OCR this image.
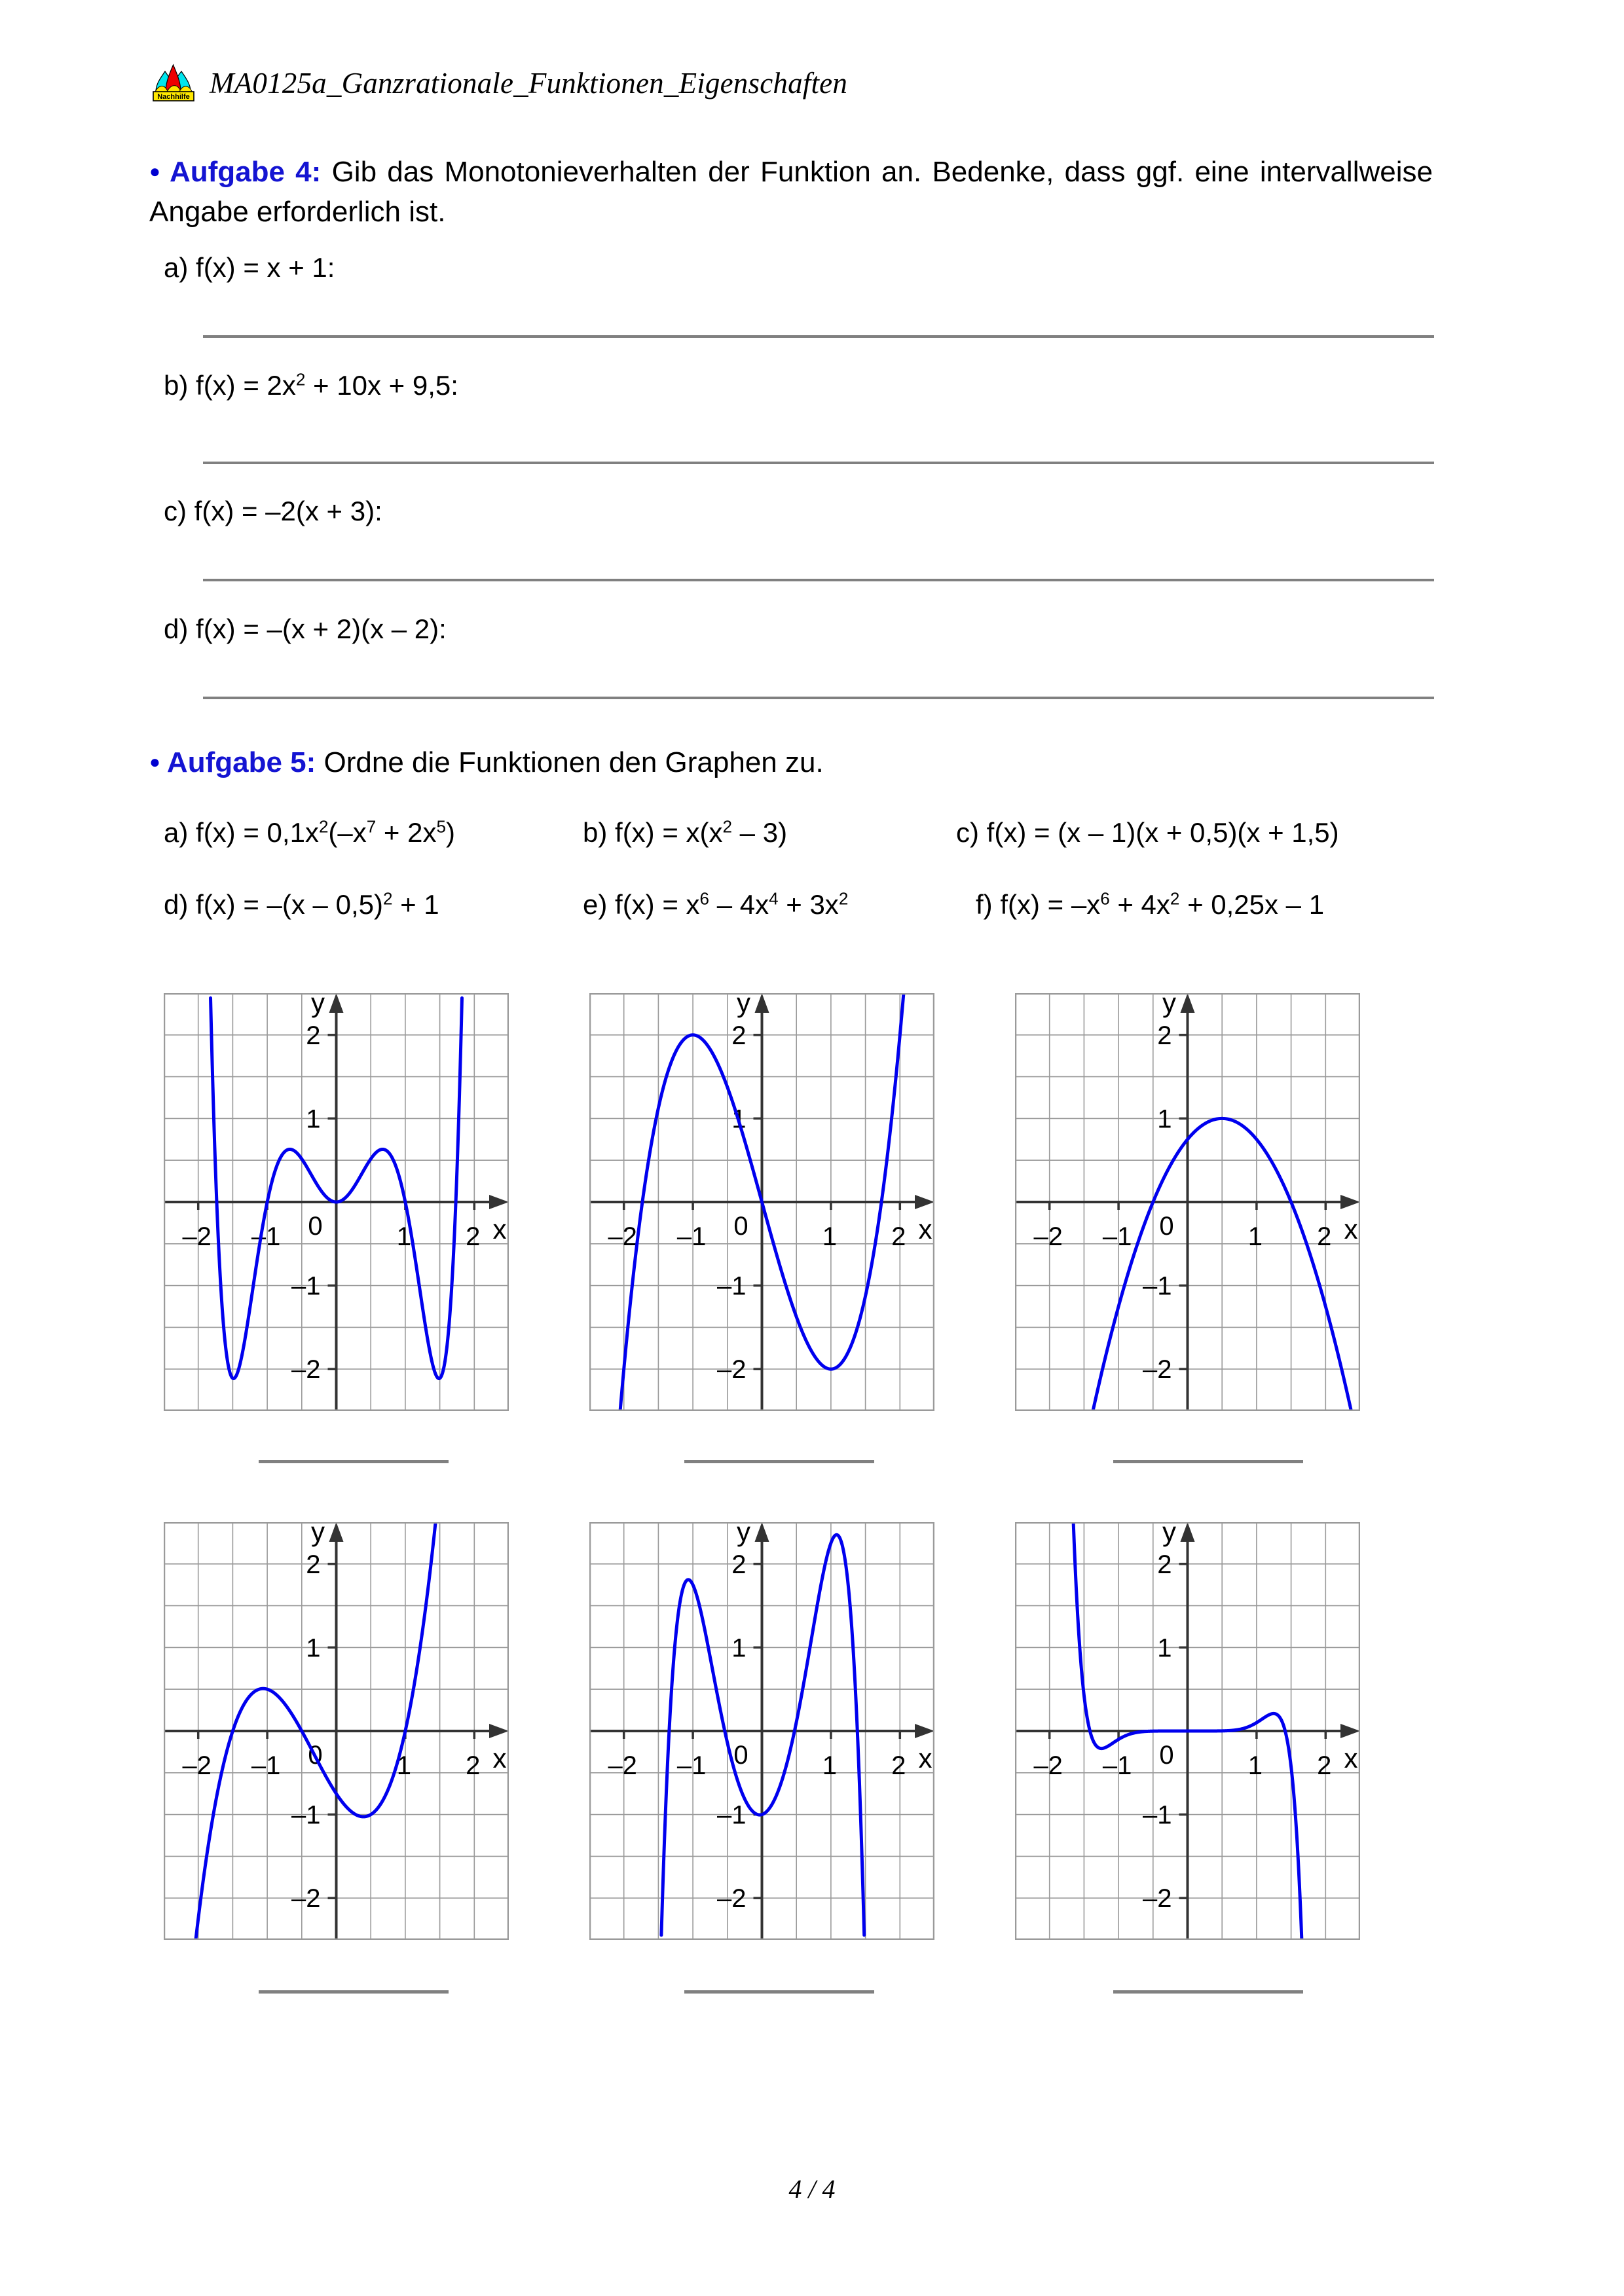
Nachhilfe MA0125a_Ganzrationale_Funktionen_Eigenschaften
● Aufgabe 4: Gib das Monotonieverhalten der Funktion an. Bedenke, dass ggf. eine intervallweise Angabe erforderlich ist.
a) f(x) = x + 1:
b) $f(x) = 2x^2 + 10x + 9,5$:
c) f(x) = –2(x + 3):
d) f(x) = –(x + 2)(x – 2):
● Aufgabe 5: Ordne die Funktionen den Graphen zu.
a) $f(x) = 0,1x^2(-x^7 + 2x^5)$	b) $f(x) = x(x^2 - 3)$	c) f(x) = (x – 1)(x + 0,5)(x + 1,5)
d) f(x) = –(x – 0,5)$^2$ + 1	e) $f(x) = x^6 - 4x^4 + 3x^2$	f) $f(x) = -x^6 + 4x^2 + 0,25x - 1$
y
x
–2 –1 0	1 2
–2
–1
1
2
y
x
–2 –1 0	1 2
–2
–1
1
2
y
x
–2 –1 0	1 2
–2
–1
1
2
y
x
–2 –1 0	1 2
–2
–1
1
2
y
x
–2 –1 0	1 2
–2
–1
1
2
y
x
–2 –1 0	1 2
–2
–1
1
2
4 / 4
